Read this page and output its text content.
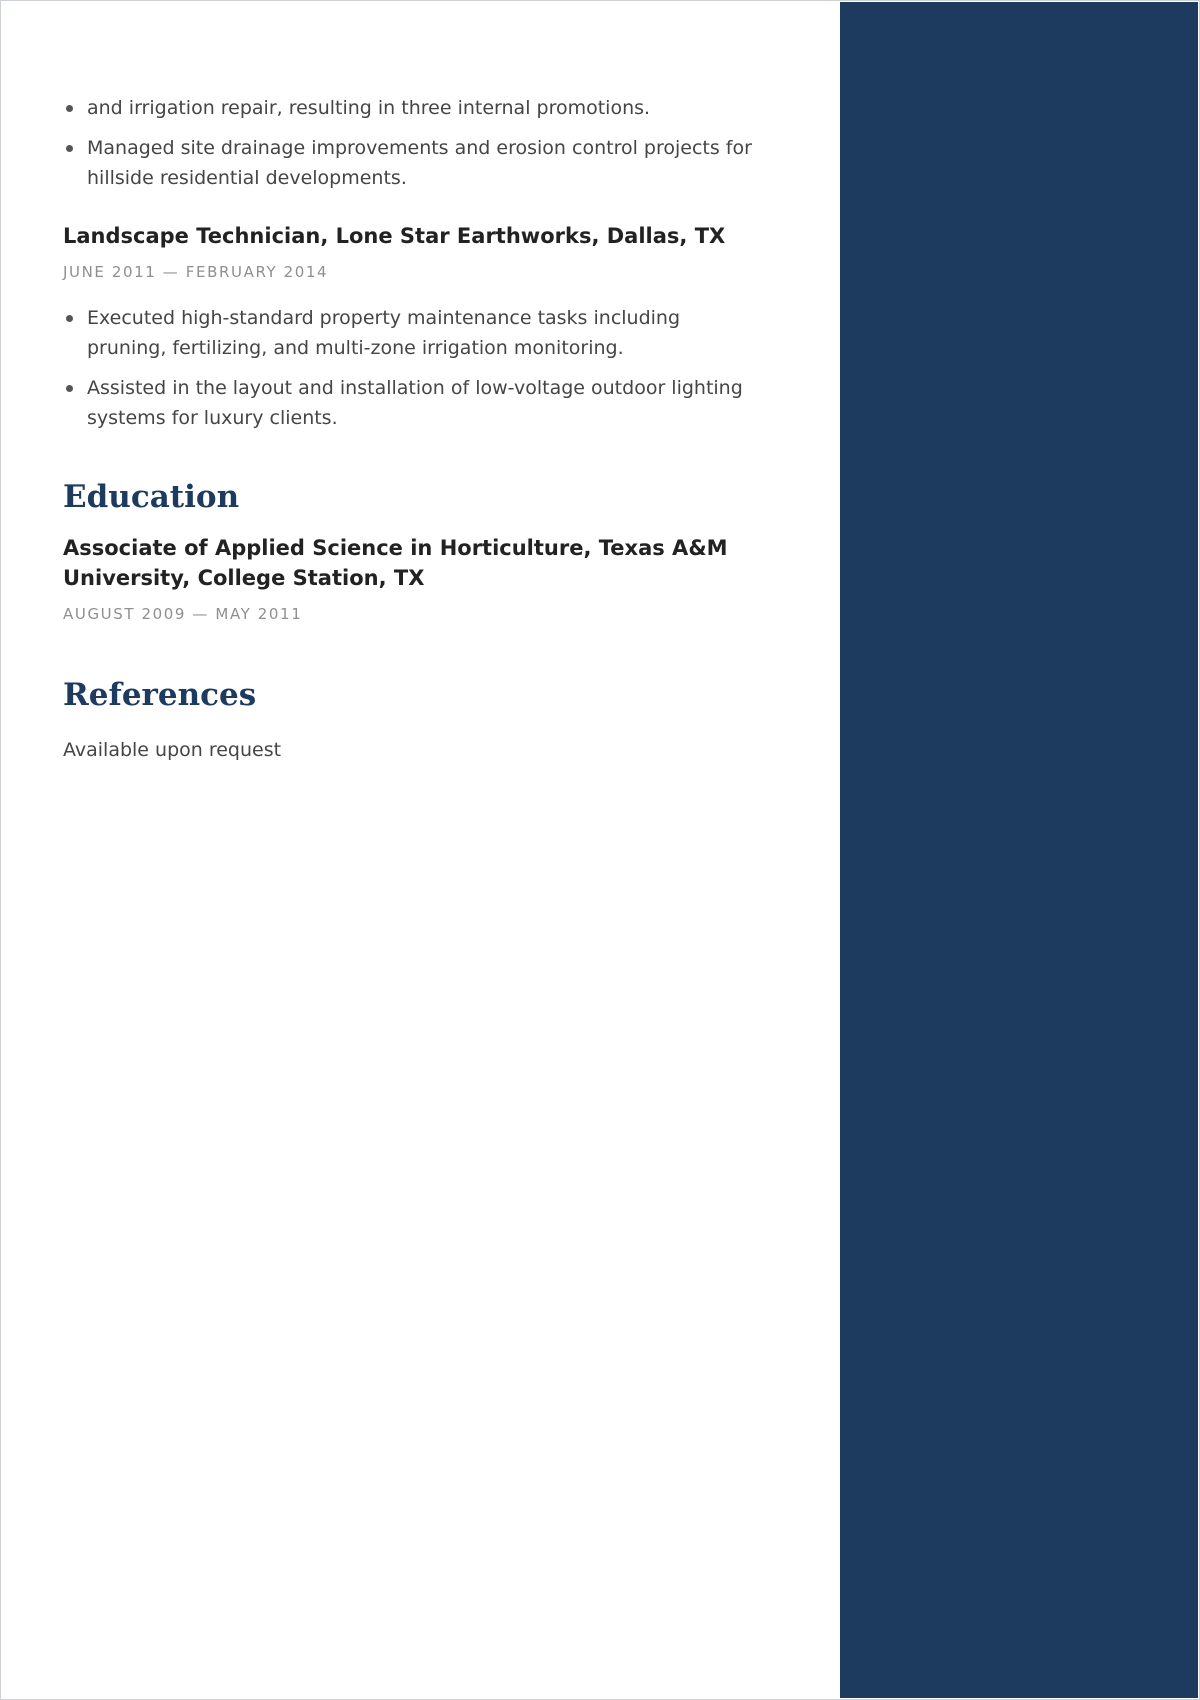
and irrigation repair, resulting in three internal promotions.
Managed site drainage improvements and erosion control projects for hillside residential developments.
Landscape Technician, Lone Star Earthworks, Dallas, TX
JUNE 2011 — FEBRUARY 2014
Executed high-standard property maintenance tasks including pruning, fertilizing, and multi-zone irrigation monitoring.
Assisted in the layout and installation of low-voltage outdoor lighting systems for luxury clients.
Education
Associate of Applied Science in Horticulture, Texas A&M University, College Station, TX
AUGUST 2009 — MAY 2011
References

Available upon request
